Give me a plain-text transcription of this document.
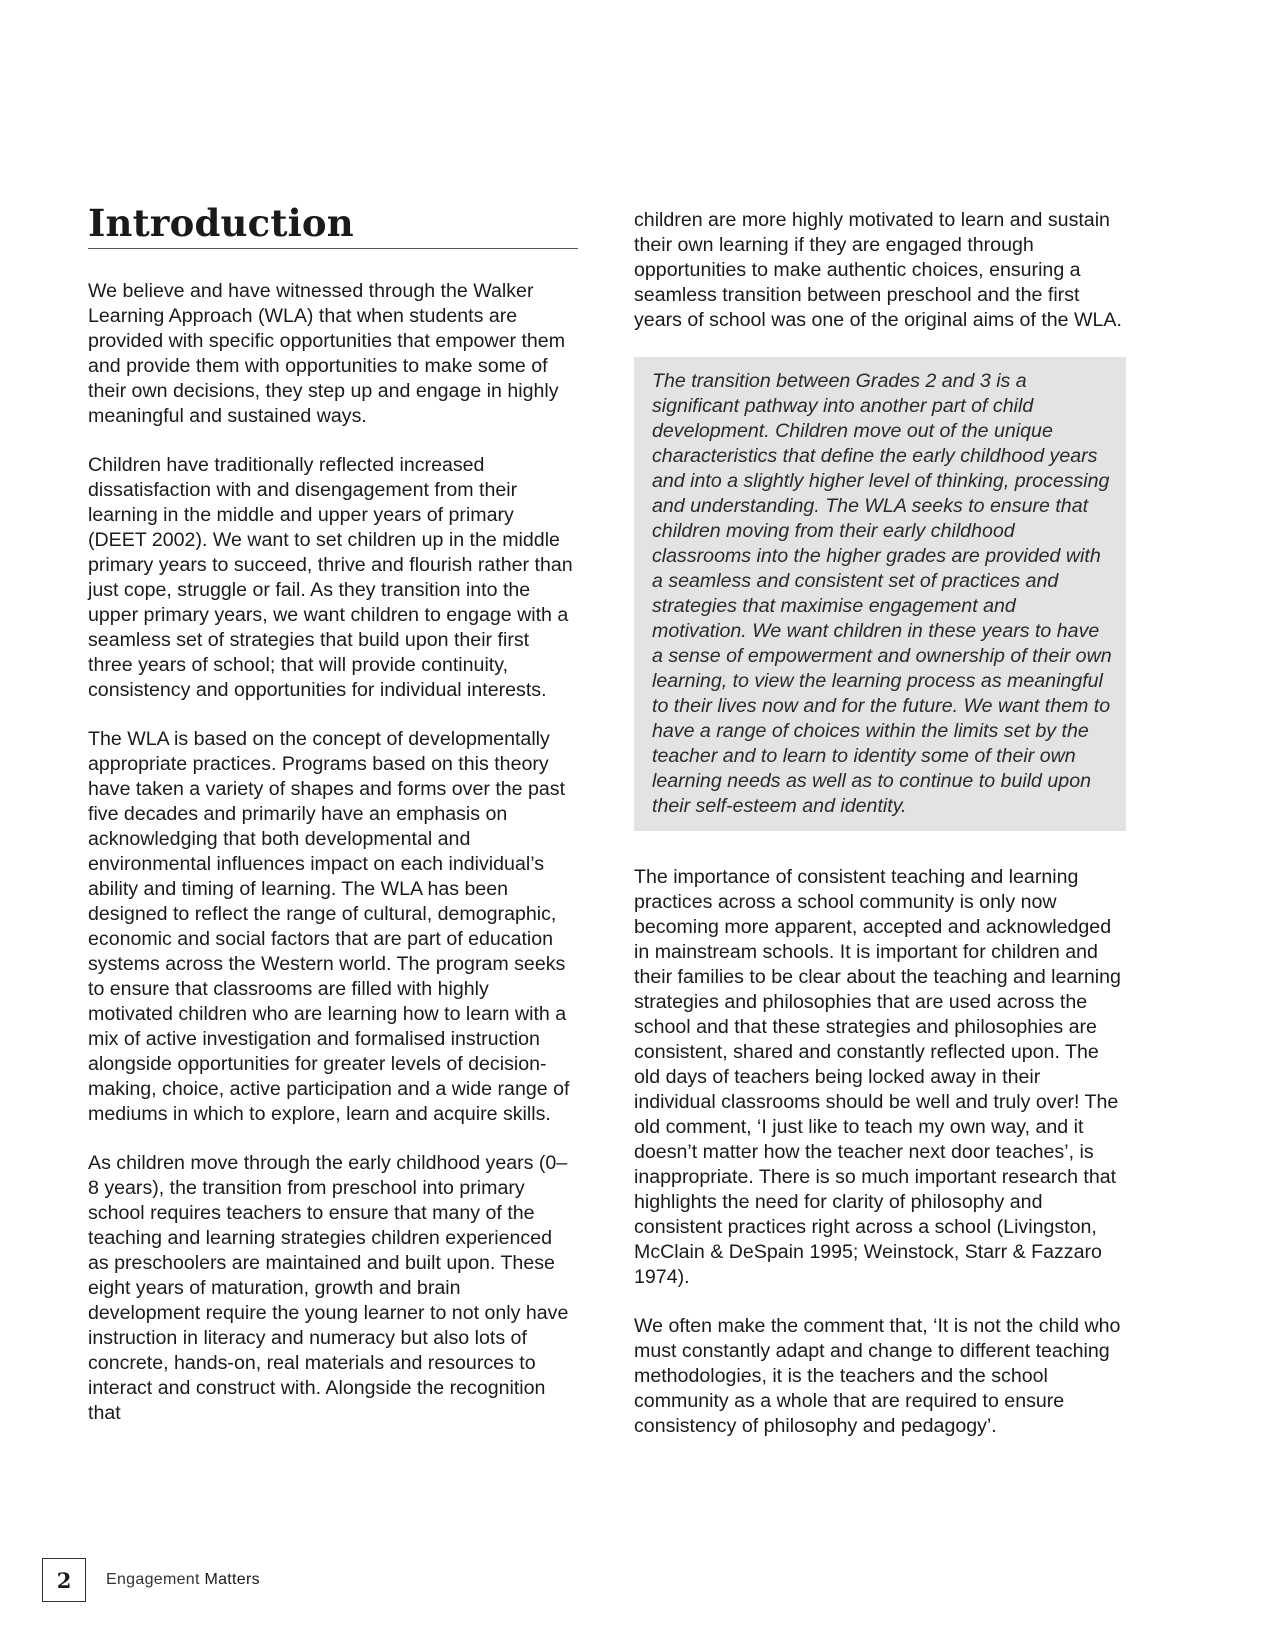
Introduction

We believe and have witnessed through the Walker Learning Approach (WLA) that when students are provided with specific opportunities that empower them and provide them with opportunities to make some of their own decisions, they step up and engage in highly meaningful and sustained ways.

Children have traditionally reflected increased dissatisfaction with and disengagement from their learning in the middle and upper years of primary (DEET 2002). We want to set children up in the middle primary years to succeed, thrive and flourish rather than just cope, struggle or fail. As they transition into the upper primary years, we want children to engage with a seamless set of strategies that build upon their first three years of school; that will provide continuity, consistency and opportunities for individual interests.

The WLA is based on the concept of developmentally appropriate practices. Programs based on this theory have taken a variety of shapes and forms over the past five decades and primarily have an emphasis on acknowledging that both developmental and environmental influences impact on each individual’s ability and timing of learning. The WLA has been designed to reflect the range of cultural, demographic, economic and social factors that are part of education systems across the Western world. The program seeks to ensure that classrooms are filled with highly motivated children who are learning how to learn with a mix of active investigation and formalised instruction alongside opportunities for greater levels of decision-making, choice, active participation and a wide range of mediums in which to explore, learn and acquire skills.

As children move through the early childhood years (0–8 years), the transition from preschool into primary school requires teachers to ensure that many of the teaching and learning strategies children experienced as preschoolers are maintained and built upon. These eight years of maturation, growth and brain development require the young learner to not only have instruction in literacy and numeracy but also lots of concrete, hands-on, real materials and resources to interact and construct with. Alongside the recognition that

children are more highly motivated to learn and sustain their own learning if they are engaged through opportunities to make authentic choices, ensuring a seamless transition between preschool and the first years of school was one of the original aims of the WLA.

The transition between Grades 2 and 3 is a significant pathway into another part of child development. Children move out of the unique characteristics that define the early childhood years and into a slightly higher level of thinking, processing and understanding. The WLA seeks to ensure that children moving from their early childhood classrooms into the higher grades are provided with a seamless and consistent set of practices and strategies that maximise engagement and motivation. We want children in these years to have a sense of empowerment and ownership of their own learning, to view the learning process as meaningful to their lives now and for the future. We want them to have a range of choices within the limits set by the teacher and to learn to identity some of their own learning needs as well as to continue to build upon their self-esteem and identity.

The importance of consistent teaching and learning practices across a school community is only now becoming more apparent, accepted and acknowledged in mainstream schools. It is important for children and their families to be clear about the teaching and learning strategies and philosophies that are used across the school and that these strategies and philosophies are consistent, shared and constantly reflected upon. The old days of teachers being locked away in their individual classrooms should be well and truly over! The old comment, ‘I just like to teach my own way, and it doesn’t matter how the teacher next door teaches’, is inappropriate. There is so much important research that highlights the need for clarity of philosophy and consistent practices right across a school (Livingston, McClain & DeSpain 1995; Weinstock, Starr & Fazzaro 1974).

We often make the comment that, ‘It is not the child who must constantly adapt and change to different teaching methodologies, it is the teachers and the school community as a whole that are required to ensure consistency of philosophy and pedagogy’.

2	Engagement Matters
